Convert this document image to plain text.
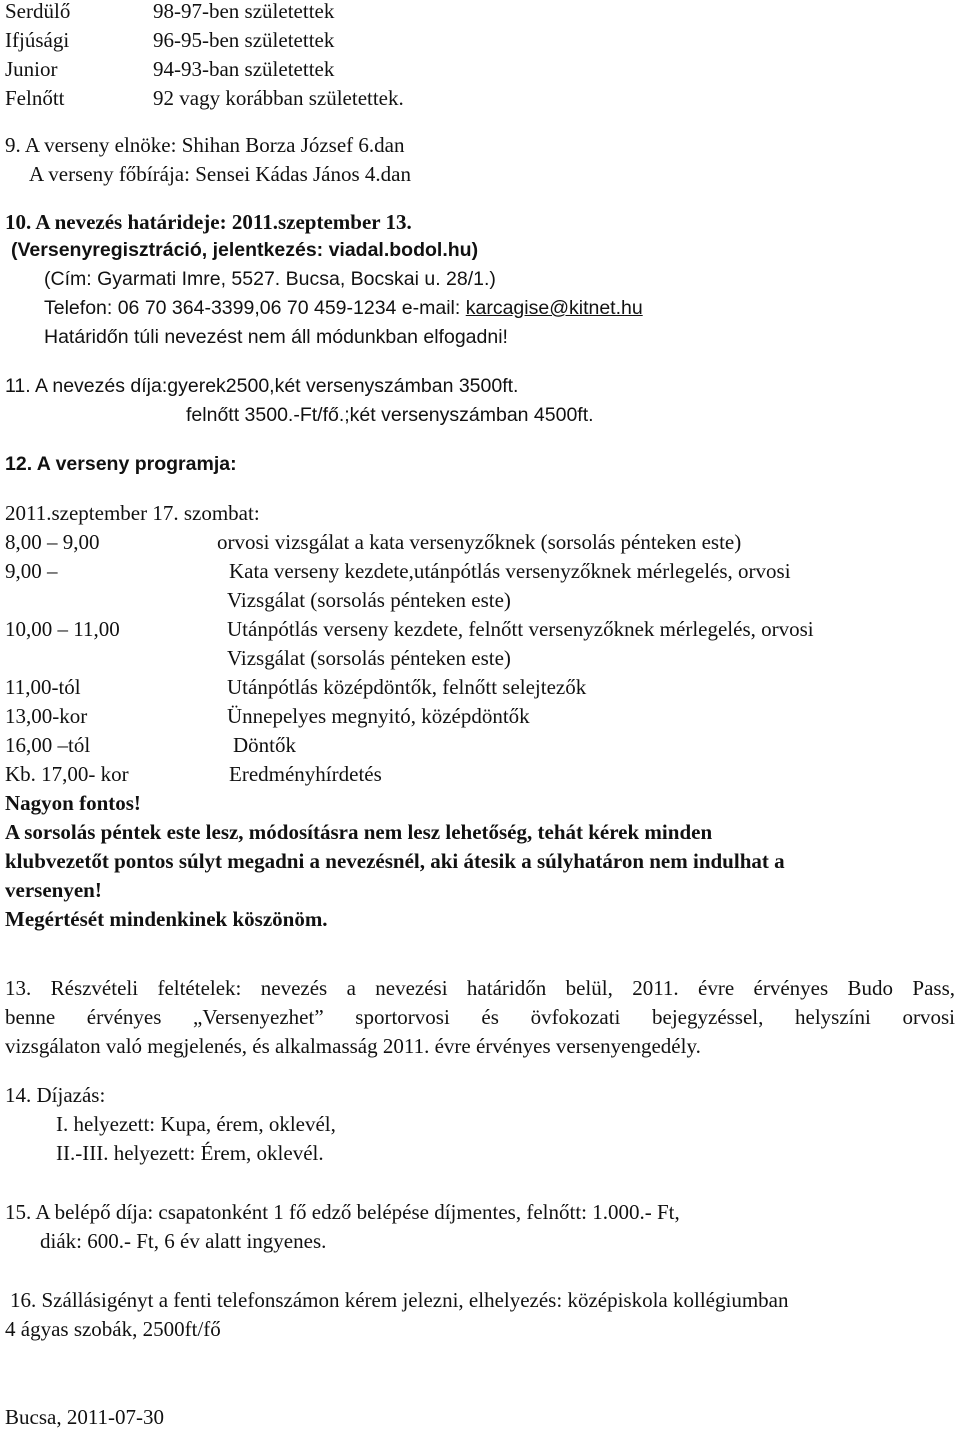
Serdülő	98-97-ben születettek
Ifjúsági	96-95-ben születettek
Junior	94-93-ban születettek
Felnőtt	92 vagy korábban születettek.
9. A verseny elnöke: Shihan Borza József 6.dan
A verseny főbírája: Sensei Kádas János 4.dan
10. A nevezés határideje: 2011.szeptember 13.
(Versenyregisztráció, jelentkezés: viadal.bodol.hu)
(Cím: Gyarmati Imre, 5527. Bucsa, Bocskai u. 28/1.)
Telefon: 06 70 364-3399,06 70 459-1234 e-mail: karcagise@kitnet.hu
Határidőn túli nevezést nem áll módunkban elfogadni!
11. A nevezés díja:gyerek2500,két versenyszámban 3500ft.
felnőtt 3500.-Ft/fő.;két versenyszámban 4500ft.
12. A verseny programja:
2011.szeptember 17. szombat:
8,00 – 9,00	orvosi vizsgálat a kata versenyzőknek (sorsolás pénteken este)
9,00 –	Kata verseny kezdete,utánpótlás versenyzőknek mérlegelés, orvosi
Vizsgálat (sorsolás pénteken este)
10,00 – 11,00	Utánpótlás verseny kezdete, felnőtt versenyzőknek mérlegelés, orvosi
Vizsgálat (sorsolás pénteken este)
11,00-tól	Utánpótlás középdöntők, felnőtt selejtezők
13,00-kor	Ünnepelyes megnyitó, középdöntők
16,00 –tól	Döntők
Kb. 17,00- kor	Eredményhírdetés
Nagyon fontos!
A sorsolás péntek este lesz, módosításra nem lesz lehetőség, tehát kérek minden
klubvezetőt pontos súlyt megadni a nevezésnél, aki átesik a súlyhatáron nem indulhat a
versenyen!
Megértését mindenkinek köszönöm.
13. Részvételi feltételek: nevezés a nevezési határidőn belül, 2011. évre érvényes Budo Pass,
benne érvényes „Versenyezhet” sportorvosi és övfokozati bejegyzéssel, helyszíni orvosi
vizsgálaton való megjelenés, és alkalmasság 2011. évre érvényes versenyengedély.
14. Díjazás:
I. helyezett: Kupa, érem, oklevél,
II.-III. helyezett: Érem, oklevél.
15. A belépő díja: csapatonként 1 fő edző belépése díjmentes, felnőtt: 1.000.- Ft,
diák: 600.- Ft, 6 év alatt ingyenes.
16. Szállásigényt a fenti telefonszámon kérem jelezni, elhelyezés: középiskola kollégiumban
4 ágyas szobák, 2500ft/fő
Bucsa, 2011-07-30
